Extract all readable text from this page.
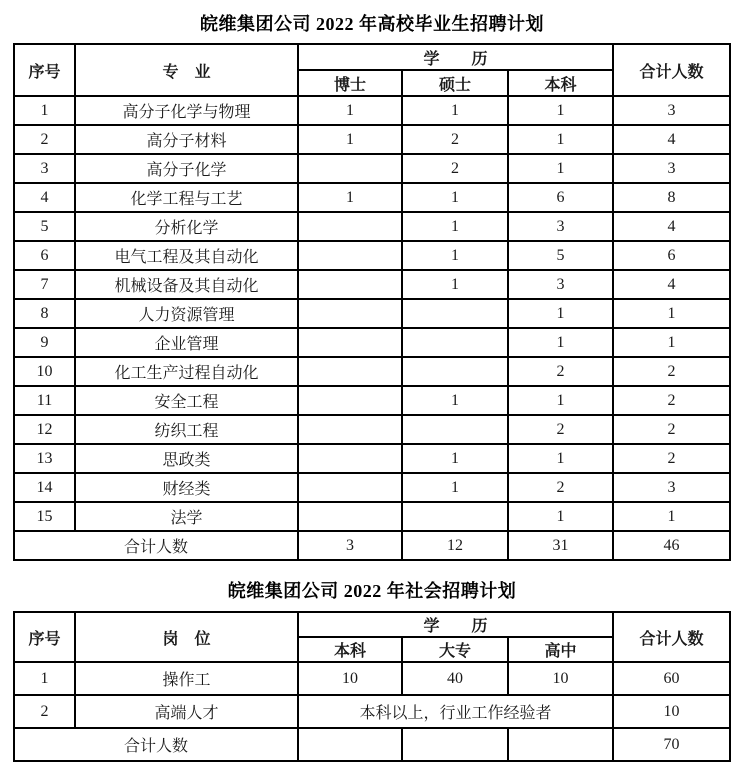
皖维集团公司 2022 年高校毕业生招聘计划
序号	专　业	学　　历			合计人数
		博士	硕士	本科	
1	高分子化学与物理	1	1	1	3
2	高分子材料	1	2	1	4
3	高分子化学		2	1	3
4	化学工程与工艺	1	1	6	8
5	分析化学		1	3	4
6	电气工程及其自动化		1	5	6
7	机械设备及其自动化		1	3	4
8	人力资源管理			1	1
9	企业管理			1	1
10	化工生产过程自动化			2	2
11	安全工程		1	1	2
12	纺织工程			2	2
13	思政类		1	1	2
14	财经类		1	2	3
15	法学			1	1
合计人数		3	12	31	46
皖维集团公司 2022 年社会招聘计划
序号	岗　位	学　　历			合计人数
		本科	大专	高中	
1	操作工	10	40	10	60
2	高端人才	本科以上，行业工作经验者			10
合计人数					70
